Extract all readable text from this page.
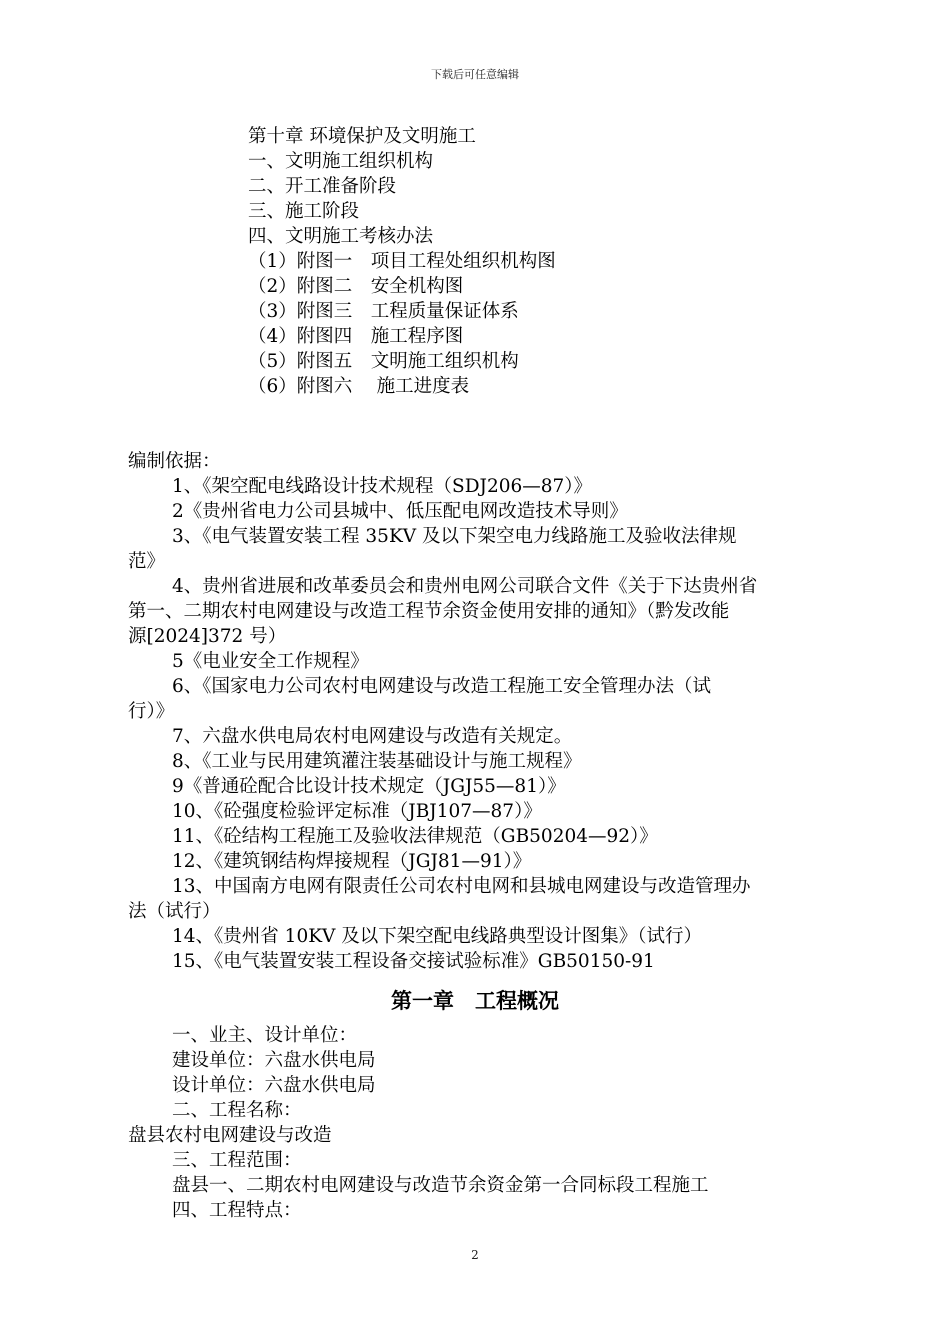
下载后可任意编辑
第十章 环境保护及文明施工
一、文明施工组织机构
二、开工准备阶段
三、施工阶段
四、文明施工考核办法
（1）附图一　项目工程处组织机构图
（2）附图二　安全机构图
（3）附图三　工程质量保证体系
（4）附图四　施工程序图
（5）附图五　文明施工组织机构
（6）附图六　 施工进度表
编制依据：
1、《架空配电线路设计技术规程（SDJ206—87）》
2《贵州省电力公司县城中、低压配电网改造技术导则》
3、《电气装置安装工程 35KV 及以下架空电力线路施工及验收法律规
范》
4、贵州省进展和改革委员会和贵州电网公司联合文件《关于下达贵州省
第一、二期农村电网建设与改造工程节余资金使用安排的通知》（黔发改能
源[2024]372 号）
5《电业安全工作规程》
6、《国家电力公司农村电网建设与改造工程施工安全管理办法（试
行）》
7、六盘水供电局农村电网建设与改造有关规定。
8、《工业与民用建筑灌注装基础设计与施工规程》
9《普通砼配合比设计技术规定（JGJ55—81）》
10、《砼强度检验评定标准（JBJ107—87）》
11、《砼结构工程施工及验收法律规范（GB50204—92）》
12、《建筑钢结构焊接规程（JGJ81—91）》
13、中国南方电网有限责任公司农村电网和县城电网建设与改造管理办
法（试行）
14、《贵州省 10KV 及以下架空配电线路典型设计图集》（试行）
15、《电气装置安装工程设备交接试验标准》GB50150-91
第一章　工程概况
一、业主、设计单位：
建设单位：六盘水供电局
设计单位：六盘水供电局
二、工程名称：
盘县农村电网建设与改造
三、工程范围：
盘县一、二期农村电网建设与改造节余资金第一合同标段工程施工
四、工程特点：
2
